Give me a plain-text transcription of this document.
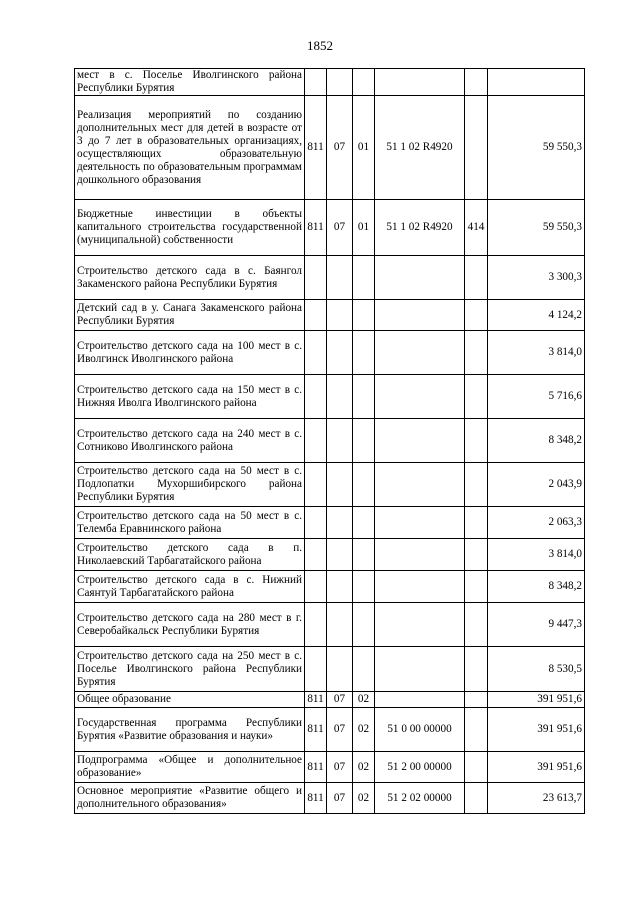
1852
мест в с. Поселье Иволгинского района Республики Бурятия						
Реализация мероприятий по созданию дополнительных мест для детей в возрасте от 3 до 7 лет в образовательных организациях, осуществляющих образовательную деятельность по образовательным программам дошкольного образования	811	07	01	51 1 02 R4920		59 550,3
Бюджетные инвестиции в объекты капитального строительства государственной (муниципальной) собственности	811	07	01	51 1 02 R4920	414	59 550,3
Строительство детского сада в с. Баянгол Закаменского района Республики Бурятия						3 300,3
Детский сад в у. Санага Закаменского района Республики Бурятия						4 124,2
Строительство детского сада на 100 мест в с. Иволгинск Иволгинского района						3 814,0
Строительство детского сада на 150 мест в с. Нижняя Иволга Иволгинского района						5 716,6
Строительство детского сада на 240 мест в с. Сотниково Иволгинского района						8 348,2
Строительство детского сада на 50 мест в с. Подлопатки Мухоршибирского района Республики Бурятия						2 043,9
Строительство детского сада на 50 мест в с. Телемба Еравнинского района						2 063,3
Строительство детского сада в п. Николаевский Тарбагатайского района						3 814,0
Строительство детского сада в с. Нижний Саянтуй Тарбагатайского района						8 348,2
Строительство детского сада на 280 мест в г. Северобайкальск Республики Бурятия						9 447,3
Строительство детского сада на 250 мест в с. Поселье Иволгинского района Республики Бурятия						8 530,5
Общее образование	811	07	02			391 951,6
Государственная программа Республики Бурятия «Развитие образования и науки»	811	07	02	51 0 00 00000		391 951,6
Подпрограмма «Общее и дополнительное образование»	811	07	02	51 2 00 00000		391 951,6
Основное мероприятие «Развитие общего и дополнительного образования»	811	07	02	51 2 02 00000		23 613,7
